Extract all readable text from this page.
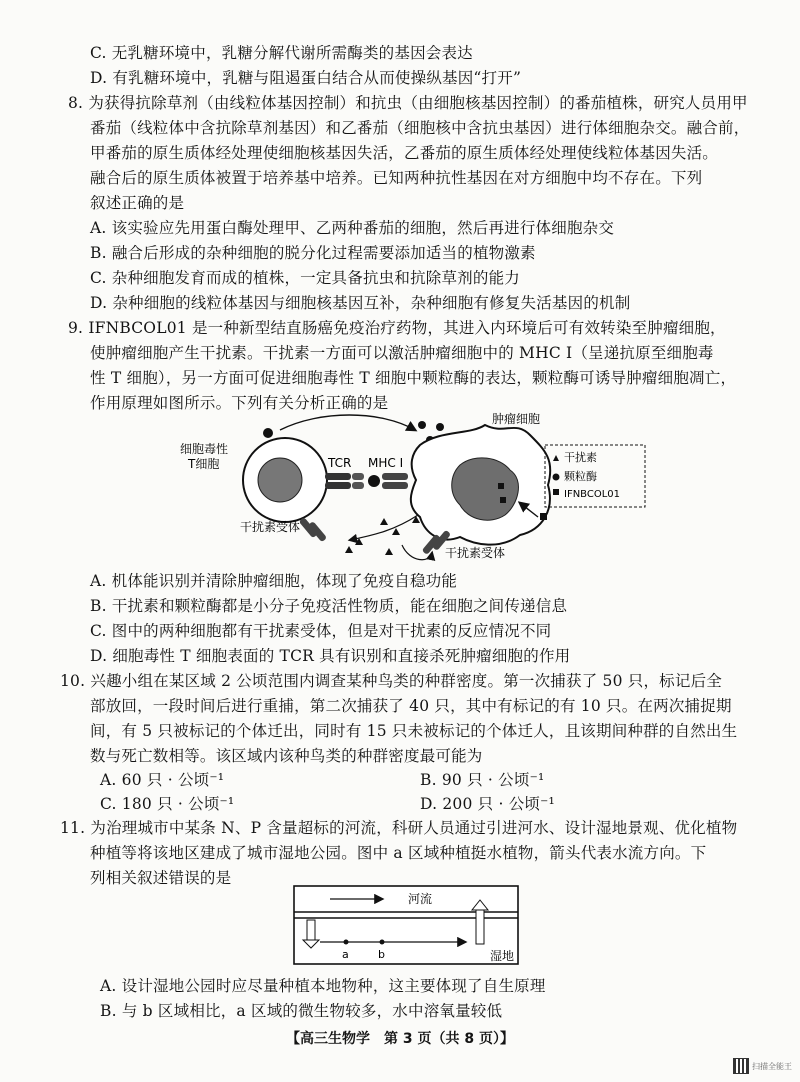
C. 无乳糖环境中，乳糖分解代谢所需酶类的基因会表达
D. 有乳糖环境中，乳糖与阻遏蛋白结合从而使操纵基因“打开”
8. 为获得抗除草剂（由线粒体基因控制）和抗虫（由细胞核基因控制）的番茄植株，研究人员用甲
番茄（线粒体中含抗除草剂基因）和乙番茄（细胞核中含抗虫基因）进行体细胞杂交。融合前，
甲番茄的原生质体经处理使细胞核基因失活，乙番茄的原生质体经处理使线粒体基因失活。
融合后的原生质体被置于培养基中培养。已知两种抗性基因在对方细胞中均不存在。下列
叙述正确的是
A. 该实验应先用蛋白酶处理甲、乙两种番茄的细胞，然后再进行体细胞杂交
B. 融合后形成的杂种细胞的脱分化过程需要添加适当的植物激素
C. 杂种细胞发育而成的植株，一定具备抗虫和抗除草剂的能力
D. 杂种细胞的线粒体基因与细胞核基因互补，杂种细胞有修复失活基因的机制
9. IFNBCOL01 是一种新型结直肠癌免疫治疗药物，其进入内环境后可有效转染至肿瘤细胞，
使肿瘤细胞产生干扰素。干扰素一方面可以激活肿瘤细胞中的 MHC Ⅰ（呈递抗原至细胞毒
性 T 细胞），另一方面可促进细胞毒性 T 细胞中颗粒酶的表达，颗粒酶可诱导肿瘤细胞凋亡，
作用原理如图所示。下列有关分析正确的是
细胞毒性
T细胞	TCR MHC Ⅰ
肿瘤细胞
干扰素受体
干扰素受体
干扰素
颗粒酶
IFNBCOL01
A. 机体能识别并清除肿瘤细胞，体现了免疫自稳功能
B. 干扰素和颗粒酶都是小分子免疫活性物质，能在细胞之间传递信息
C. 图中的两种细胞都有干扰素受体，但是对干扰素的反应情况不同
D. 细胞毒性 T 细胞表面的 TCR 具有识别和直接杀死肿瘤细胞的作用
10. 兴趣小组在某区域 2 公顷范围内调查某种鸟类的种群密度。第一次捕获了 50 只，标记后全
部放回，一段时间后进行重捕，第二次捕获了 40 只，其中有标记的有 10 只。在两次捕捉期
间，有 5 只被标记的个体迁出，同时有 15 只未被标记的个体迁人，且该期间种群的自然出生
数与死亡数相等。该区域内该种鸟类的种群密度最可能为
A. 60 只 · 公顷⁻¹	B. 90 只 · 公顷⁻¹
C. 180 只 · 公顷⁻¹	D. 200 只 · 公顷⁻¹
11. 为治理城市中某条 N、P 含量超标的河流，科研人员通过引进河水、设计湿地景观、优化植物
种植等将该地区建成了城市湿地公园。图中 a 区域种植挺水植物，箭头代表水流方向。下
列相关叙述错误的是
河流
a	b	湿地
A. 设计湿地公园时应尽量种植本地物种，这主要体现了自生原理
B. 与 b 区域相比，a 区域的微生物较多，水中溶氧量较低
【高三生物学　第 3 页（共 8 页）】
扫描全能王
